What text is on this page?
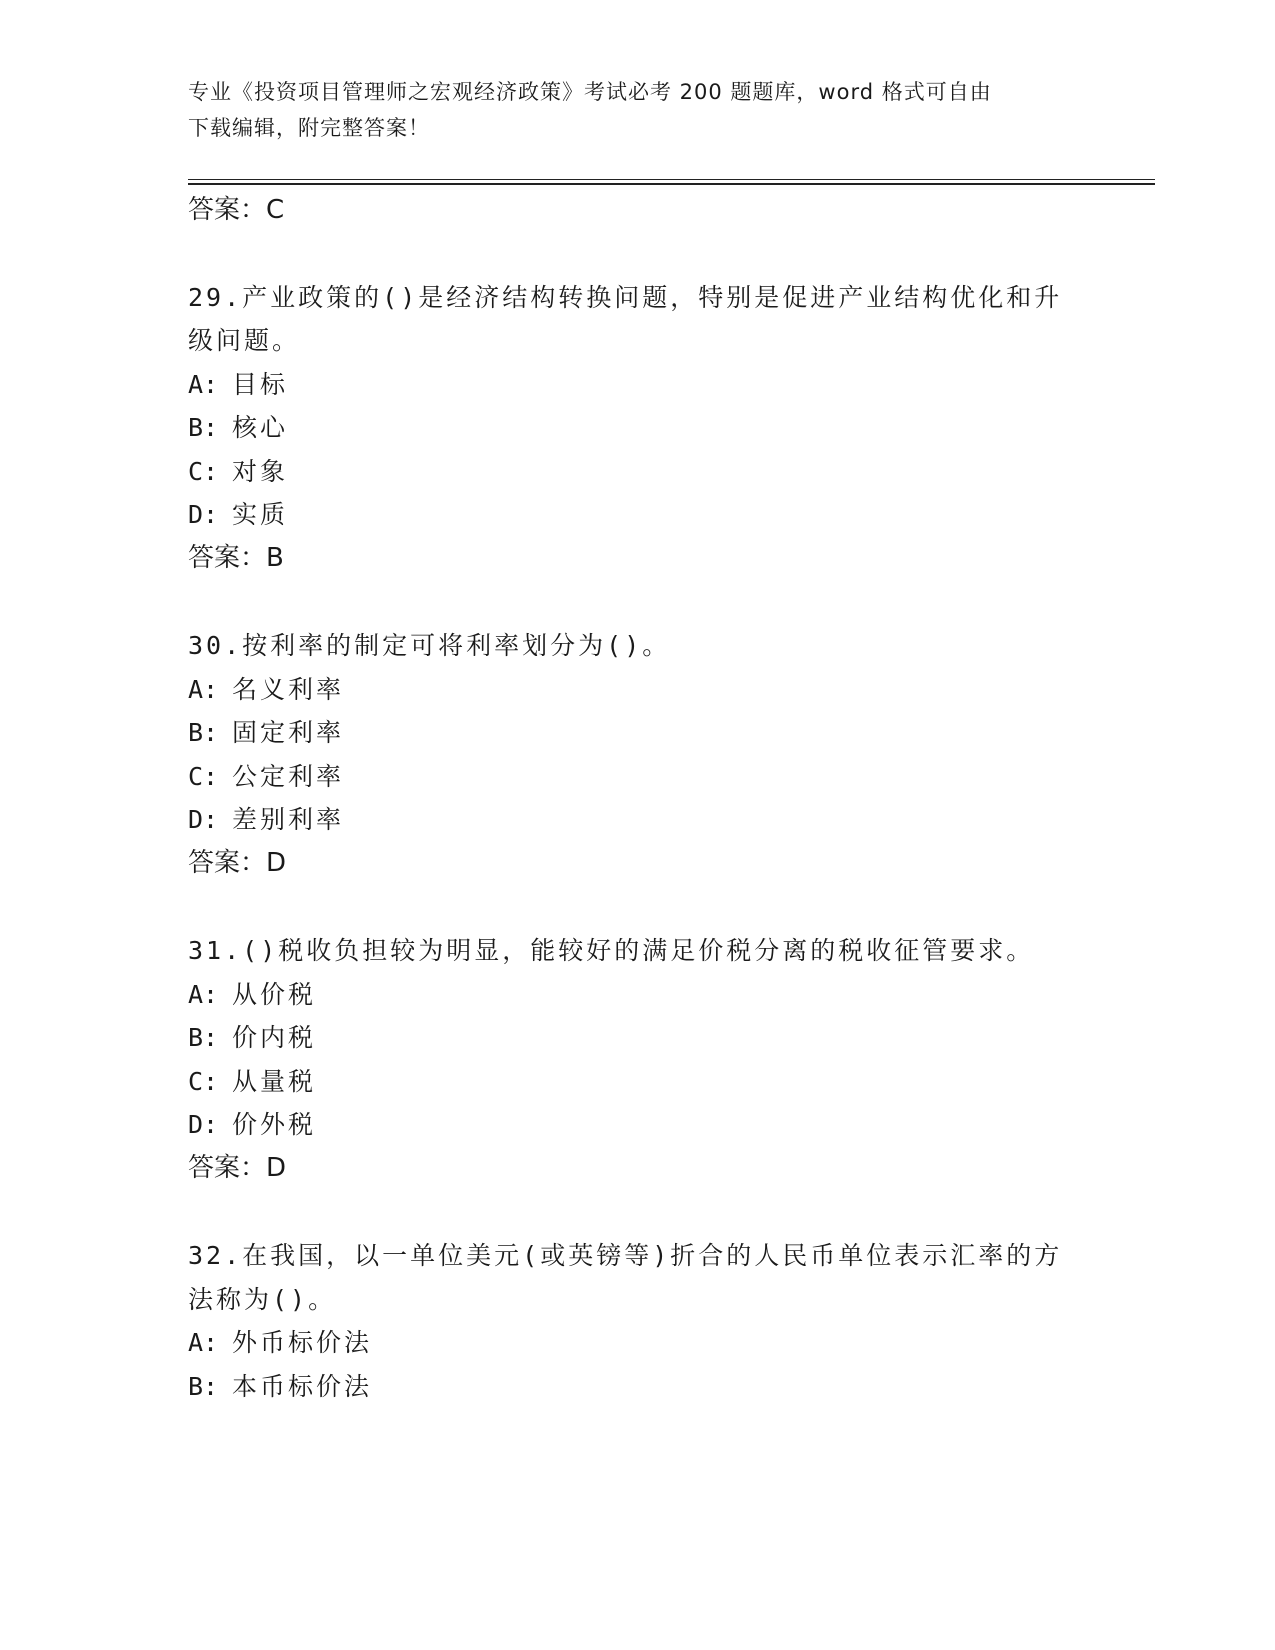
专业《投资项目管理师之宏观经济政策》考试必考 200 题题库，word 格式可自由
下载编辑，附完整答案！
答案：C
29.产业政策的()是经济结构转换问题，特别是促进产业结构优化和升
级问题。
A: 目标
B: 核心
C: 对象
D: 实质
答案：B
30.按利率的制定可将利率划分为()。
A: 名义利率
B: 固定利率
C: 公定利率
D: 差别利率
答案：D
31.()税收负担较为明显，能较好的满足价税分离的税收征管要求。
A: 从价税
B: 价内税
C: 从量税
D: 价外税
答案：D
32.在我国，以一单位美元(或英镑等)折合的人民币单位表示汇率的方
法称为()。
A: 外币标价法
B: 本币标价法
